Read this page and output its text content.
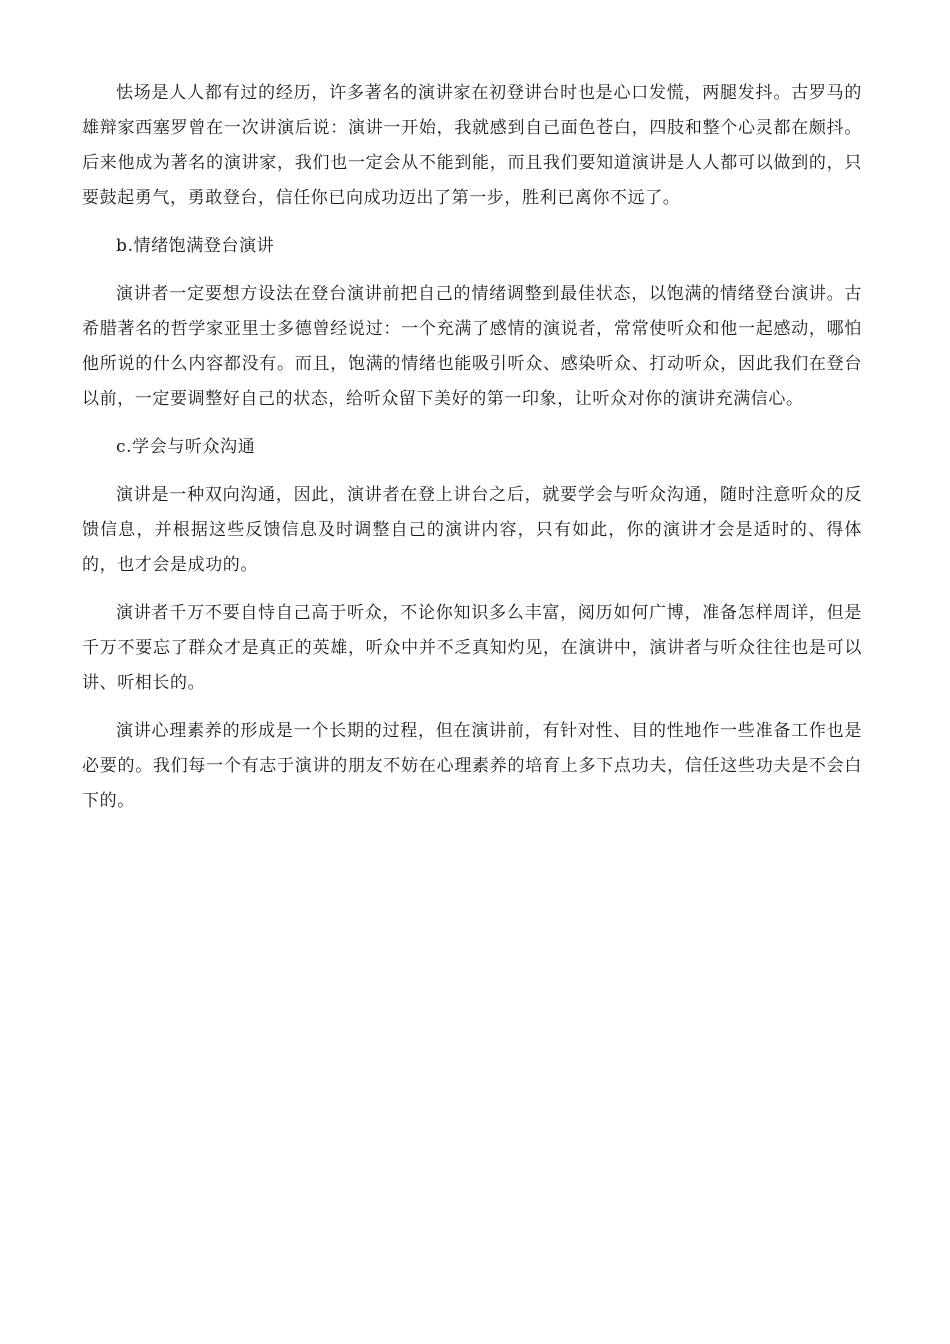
怯场是人人都有过的经历，许多著名的演讲家在初登讲台时也是心口发慌，两腿发抖。古罗马的雄辩家西塞罗曾在一次讲演后说：演讲一开始，我就感到自己面色苍白，四肢和整个心灵都在颇抖。后来他成为著名的演讲家，我们也一定会从不能到能，而且我们要知道演讲是人人都可以做到的，只要鼓起勇气，勇敢登台，信任你已向成功迈出了第一步，胜利已离你不远了。

b.情绪饱满登台演讲

演讲者一定要想方设法在登台演讲前把自己的情绪调整到最佳状态，以饱满的情绪登台演讲。古希腊著名的哲学家亚里士多德曾经说过：一个充满了感情的演说者，常常使听众和他一起感动，哪怕他所说的什么内容都没有。而且，饱满的情绪也能吸引听众、感染听众、打动听众，因此我们在登台以前，一定要调整好自己的状态，给听众留下美好的第一印象，让听众对你的演讲充满信心。

c.学会与听众沟通

演讲是一种双向沟通，因此，演讲者在登上讲台之后，就要学会与听众沟通，随时注意听众的反馈信息，并根据这些反馈信息及时调整自己的演讲内容，只有如此，你的演讲才会是适时的、得体的，也才会是成功的。

演讲者千万不要自恃自己高于听众，不论你知识多么丰富，阅历如何广博，准备怎样周详，但是千万不要忘了群众才是真正的英雄，听众中并不乏真知灼见，在演讲中，演讲者与听众往往也是可以讲、听相长的。

演讲心理素养的形成是一个长期的过程，但在演讲前，有针对性、目的性地作一些准备工作也是必要的。我们每一个有志于演讲的朋友不妨在心理素养的培育上多下点功夫，信任这些功夫是不会白下的。
